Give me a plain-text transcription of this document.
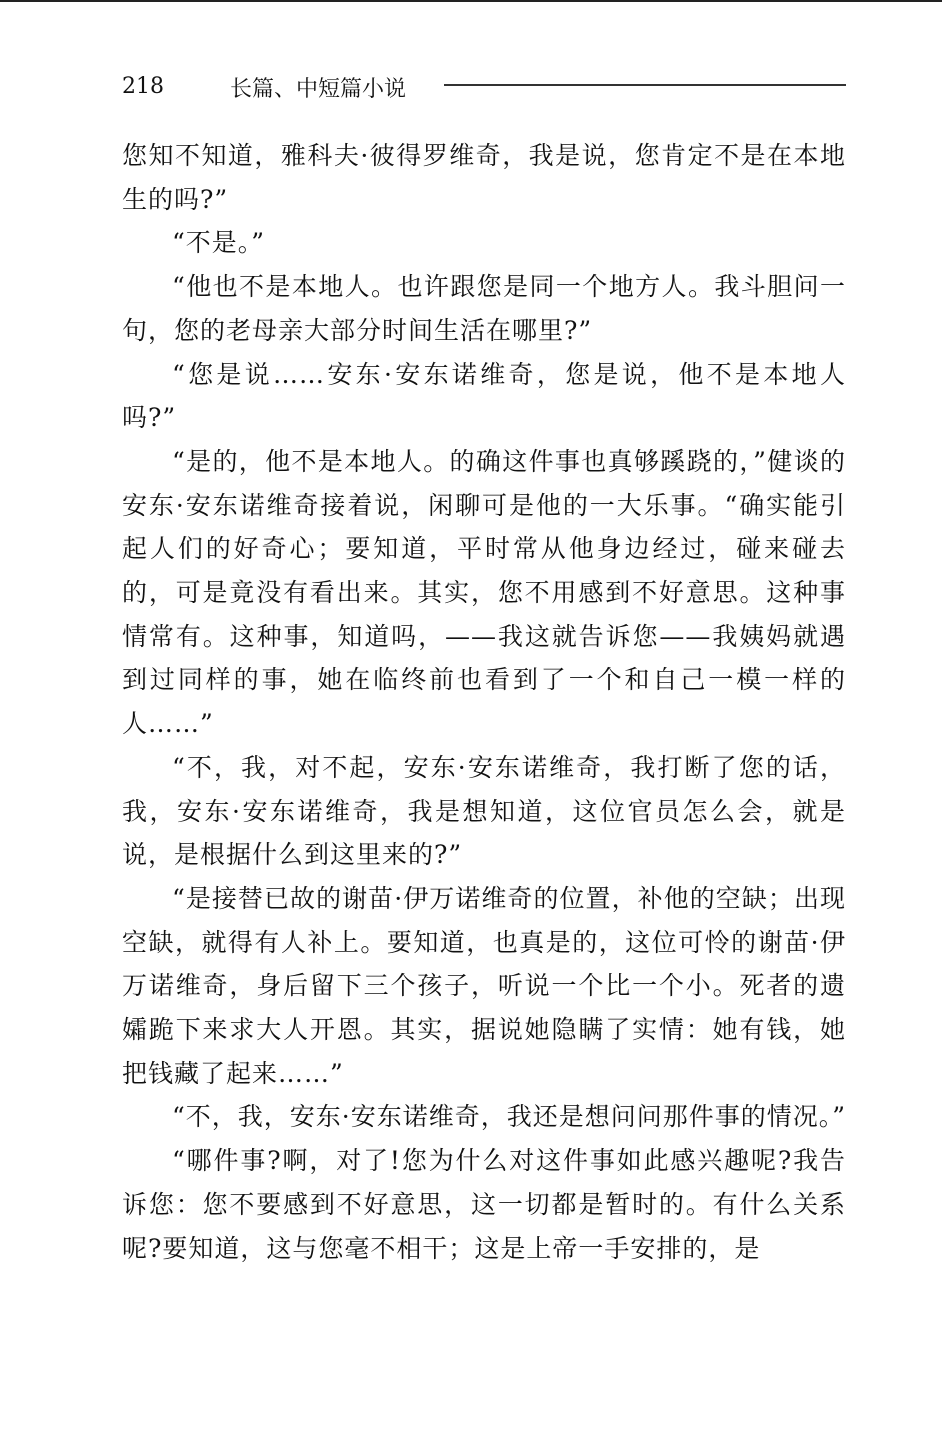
218	长篇、中短篇小说

您知不知道，雅科夫·彼得罗维奇，我是说，您肯定不是在本地生的吗?”

“不是。”

“他也不是本地人。也许跟您是同一个地方人。我斗胆问一句，您的老母亲大部分时间生活在哪里?”

“您是说……安东·安东诺维奇，您是说，他不是本地人吗?”

“是的，他不是本地人。的确这件事也真够蹊跷的，”健谈的安东·安东诺维奇接着说，闲聊可是他的一大乐事。“确实能引起人们的好奇心；要知道，平时常从他身边经过，碰来碰去的，可是竟没有看出来。其实，您不用感到不好意思。这种事情常有。这种事，知道吗，——我这就告诉您——我姨妈就遇到过同样的事，她在临终前也看到了一个和自己一模一样的人……”

“不，我，对不起，安东·安东诺维奇，我打断了您的话，我，安东·安东诺维奇，我是想知道，这位官员怎么会，就是说，是根据什么到这里来的?”

“是接替已故的谢苗·伊万诺维奇的位置，补他的空缺；出现空缺，就得有人补上。要知道，也真是的，这位可怜的谢苗·伊万诺维奇，身后留下三个孩子，听说一个比一个小。死者的遗孀跪下来求大人开恩。其实，据说她隐瞒了实情：她有钱，她把钱藏了起来……”

“不，我，安东·安东诺维奇，我还是想问问那件事的情况。”

“哪件事?啊，对了!您为什么对这件事如此感兴趣呢?我告诉您：您不要感到不好意思，这一切都是暂时的。有什么关系呢?要知道，这与您毫不相干；这是上帝一手安排的，是
